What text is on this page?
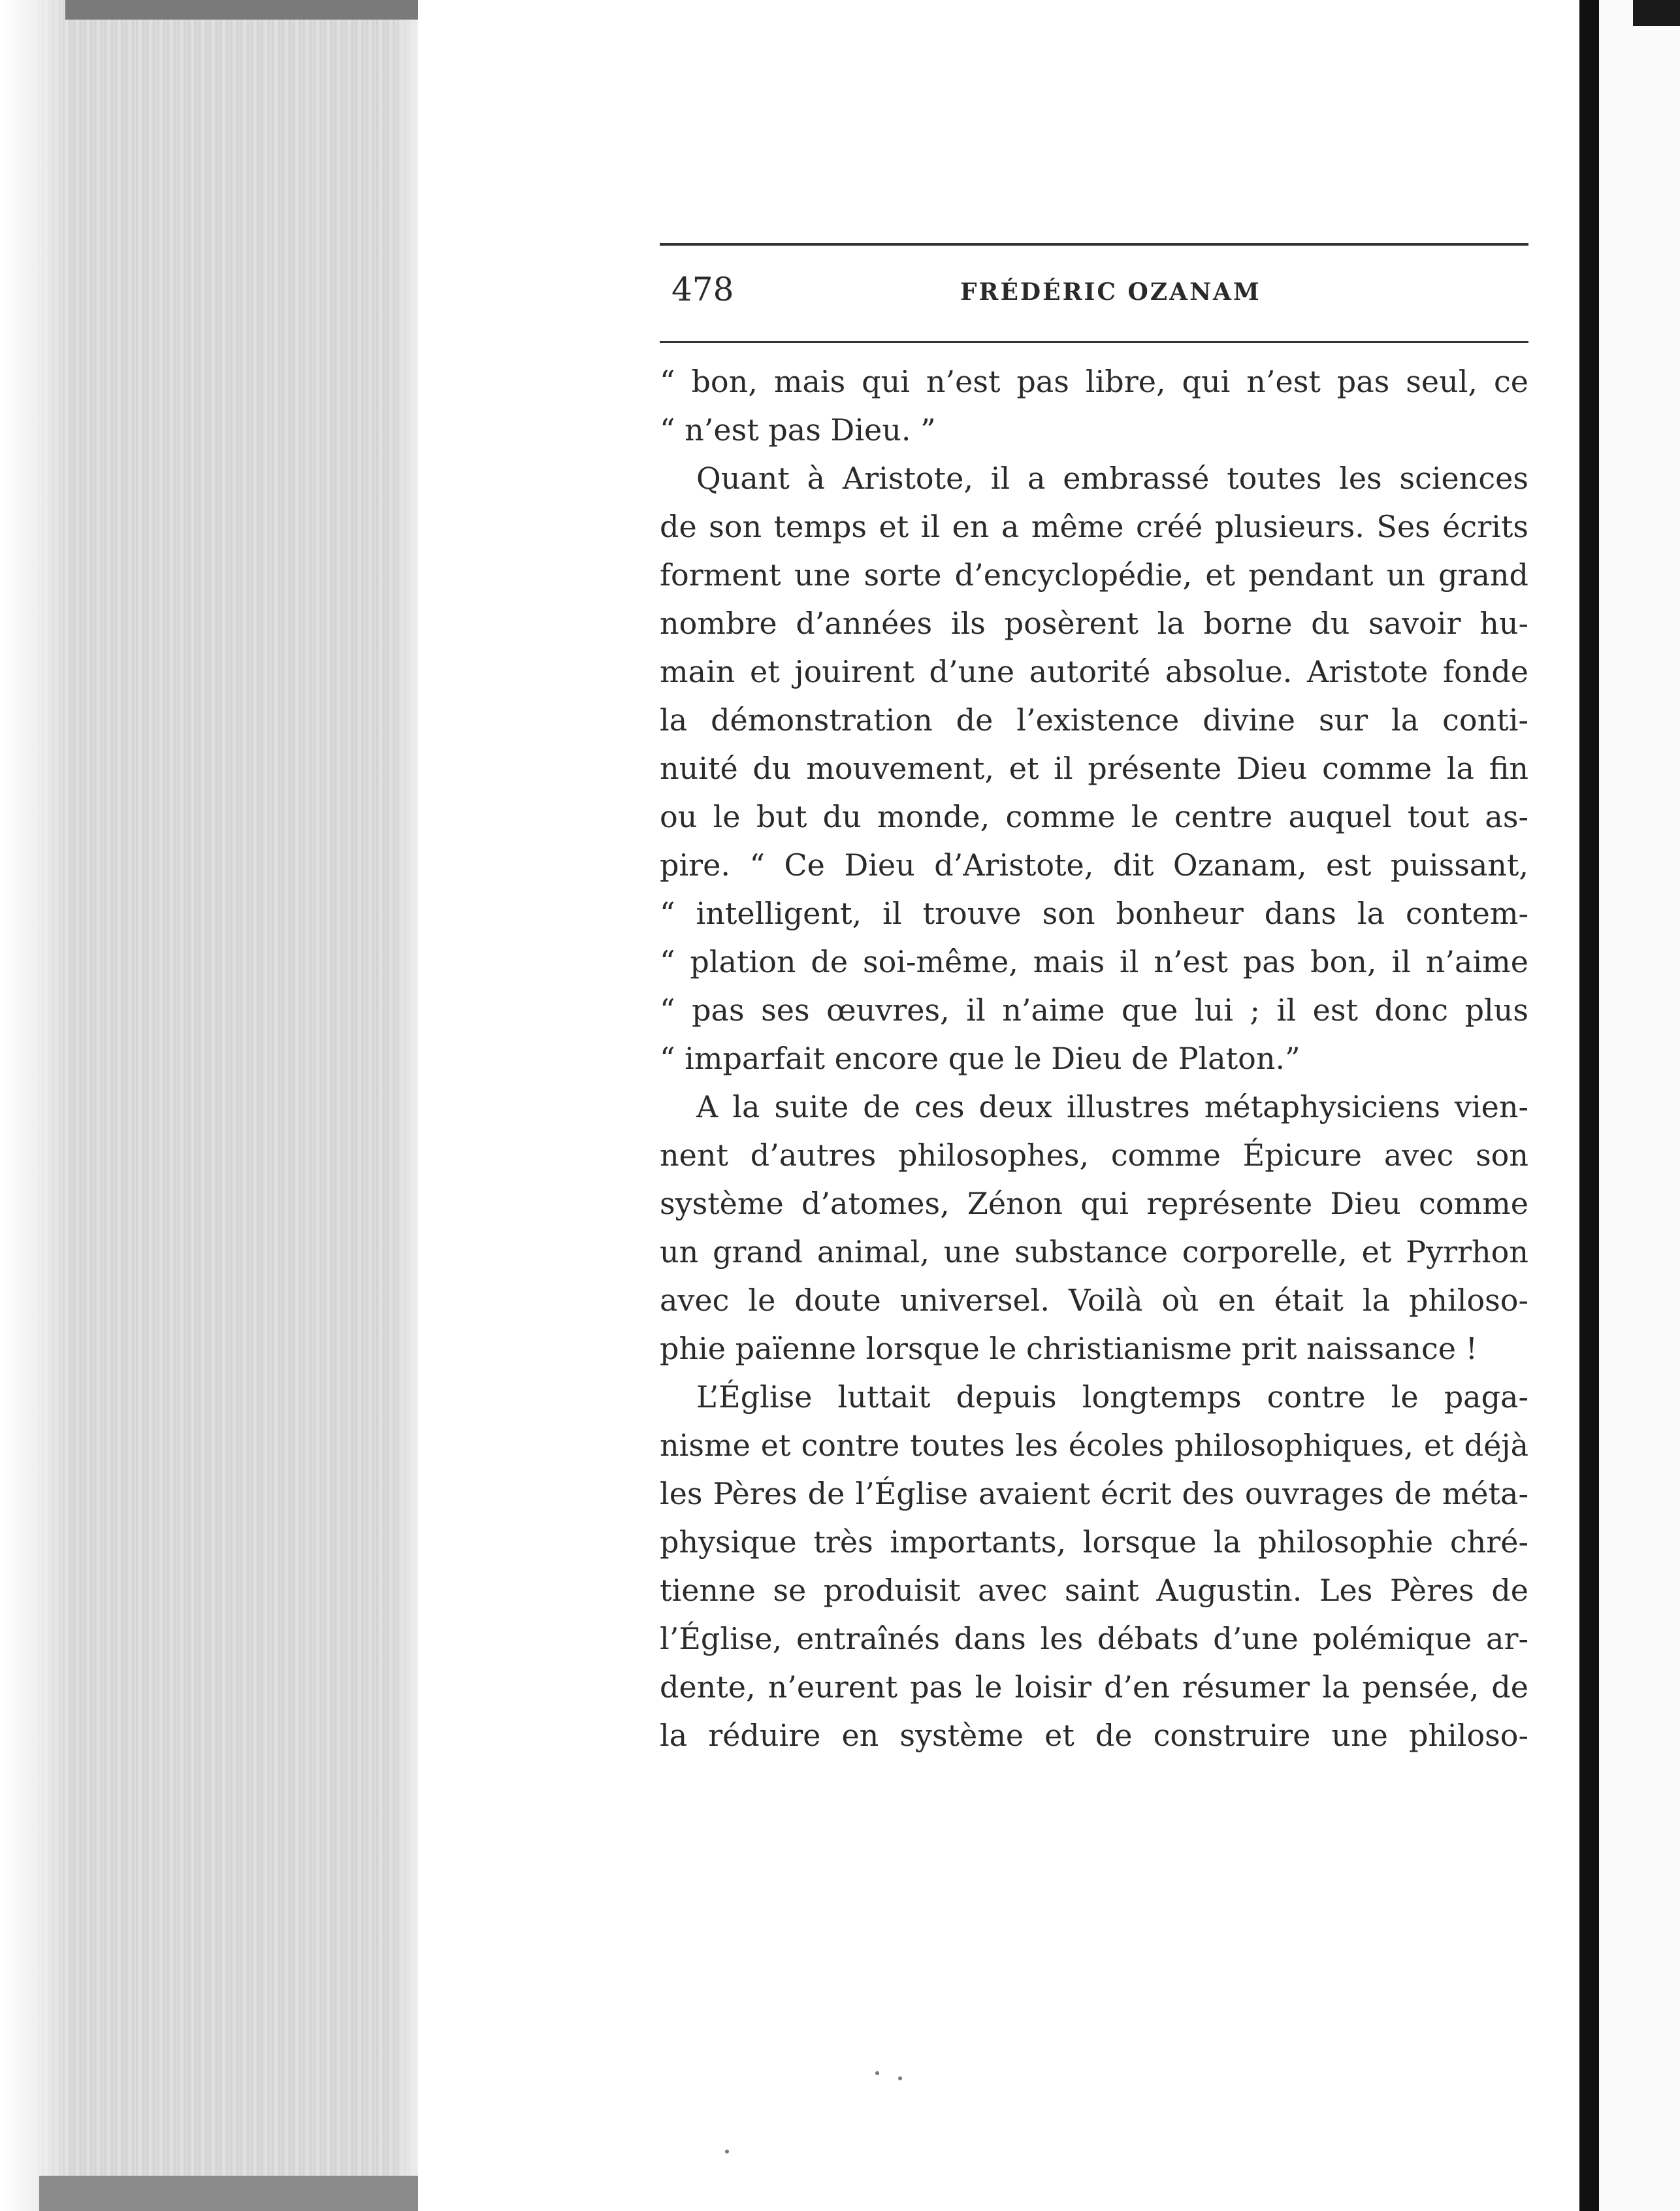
478	FRÉDÉRIC OZANAM
“ bon, mais qui n’est pas libre, qui n’est pas seul, ce
“ n’est pas Dieu. ”
Quant à Aristote, il a embrassé toutes les sciences
de son temps et il en a même créé plusieurs. Ses écrits
forment une sorte d’encyclopédie, et pendant un grand
nombre d’années ils posèrent la borne du savoir hu-
main et jouirent d’une autorité absolue. Aristote fonde
la démonstration de l’existence divine sur la conti-
nuité du mouvement, et il présente Dieu comme la fin
ou le but du monde, comme le centre auquel tout as-
pire. “ Ce Dieu d’Aristote, dit Ozanam, est puissant,
“ intelligent, il trouve son bonheur dans la contem-
“ plation de soi-même, mais il n’est pas bon, il n’aime
“ pas ses œuvres, il n’aime que lui ; il est donc plus
“ imparfait encore que le Dieu de Platon.”
A la suite de ces deux illustres métaphysiciens vien-
nent d’autres philosophes, comme Épicure avec son
système d’atomes, Zénon qui représente Dieu comme
un grand animal, une substance corporelle, et Pyrrhon
avec le doute universel. Voilà où en était la philoso-
phie païenne lorsque le christianisme prit naissance !
L’Église luttait depuis longtemps contre le paga-
nisme et contre toutes les écoles philosophiques, et déjà
les Pères de l’Église avaient écrit des ouvrages de méta-
physique très importants, lorsque la philosophie chré-
tienne se produisit avec saint Augustin. Les Pères de
l’Église, entraînés dans les débats d’une polémique ar-
dente, n’eurent pas le loisir d’en résumer la pensée, de
la réduire en système et de construire une philoso-
